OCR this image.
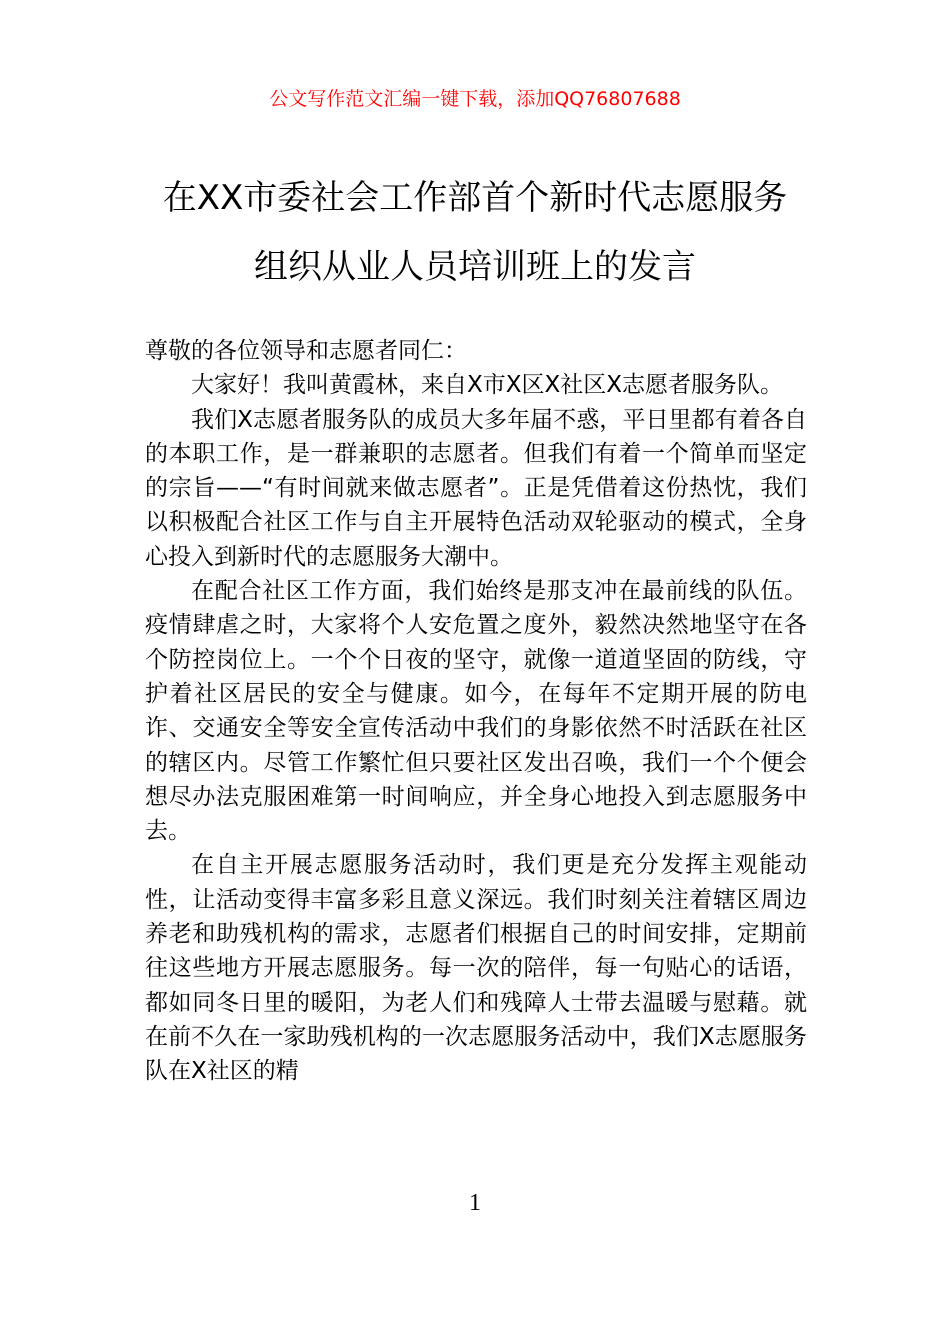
公文写作范文汇编一键下载，添加QQ76807688
在XX市委社会工作部首个新时代志愿服务
组织从业人员培训班上的发言

尊敬的各位领导和志愿者同仁：

大家好！我叫黄霞林，来自X市X区X社区X志愿者服务队。

我们X志愿者服务队的成员大多年届不惑，平日里都有着各自的本职工作，是一群兼职的志愿者。但我们有着一个简单而坚定的宗旨——“有时间就来做志愿者”。正是凭借着这份热忱，我们以积极配合社区工作与自主开展特色活动双轮驱动的模式，全身心投入到新时代的志愿服务大潮中。

在配合社区工作方面，我们始终是那支冲在最前线的队伍。疫情肆虐之时，大家将个人安危置之度外，毅然决然地坚守在各个防控岗位上。一个个日夜的坚守，就像一道道坚固的防线，守护着社区居民的安全与健康。如今，在每年不定期开展的防电诈、交通安全等安全宣传活动中我们的身影依然不时活跃在社区的辖区内。尽管工作繁忙但只要社区发出召唤，我们一个个便会想尽办法克服困难第一时间响应，并全身心地投入到志愿服务中去。

在自主开展志愿服务活动时，我们更是充分发挥主观能动性，让活动变得丰富多彩且意义深远。我们时刻关注着辖区周边养老和助残机构的需求，志愿者们根据自己的时间安排，定期前往这些地方开展志愿服务。每一次的陪伴，每一句贴心的话语，都如同冬日里的暖阳，为老人们和残障人士带去温暖与慰藉。就在前不久在一家助残机构的一次志愿服务活动中，我们X志愿服务队在X社区的精

1
